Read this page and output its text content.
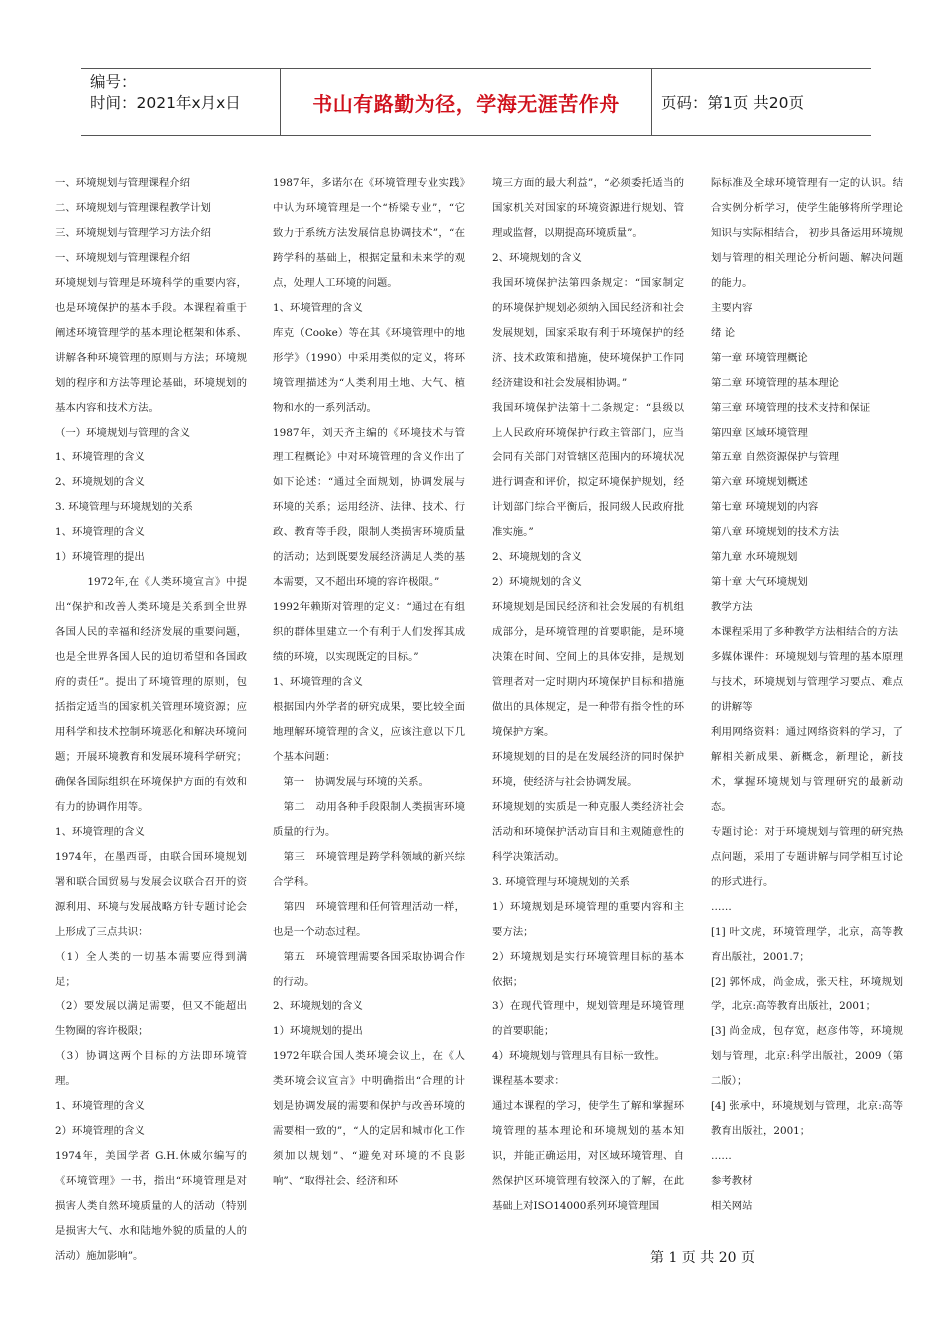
编号：
时间：2021年x月x日	书山有路勤为径，学海无涯苦作舟	页码：第1页 共20页

一、环境规划与管理课程介绍

二、环境规划与管理课程教学计划

三、环境规划与管理学习方法介绍

一、环境规划与管理课程介绍

环境规划与管理是环境科学的重要内容，也是环境保护的基本手段。本课程着重于阐述环境管理学的基本理论框架和体系、讲解各种环境管理的原则与方法；环境规划的程序和方法等理论基础，环境规划的基本内容和技术方法。

（一）环境规划与管理的含义

1、环境管理的含义

2、环境规划的含义

3. 环境管理与环境规划的关系

1、环境管理的含义

1）环境管理的提出

　　　1972年,在《人类环境宣言》中提出“保护和改善人类环境是关系到全世界各国人民的幸福和经济发展的重要问题，也是全世界各国人民的迫切希望和各国政府的责任”。提出了环境管理的原则，包括指定适当的国家机关管理环境资源；应用科学和技术控制环境恶化和解决环境问题；开展环境教育和发展环境科学研究；确保各国际组织在环境保护方面的有效和有力的协调作用等。

1、环境管理的含义

1974年，在墨西哥，由联合国环境规划署和联合国贸易与发展会议联合召开的资源利用、环境与发展战略方针专题讨论会上形成了三点共识：

（1）全人类的一切基本需要应得到满足；

（2）要发展以满足需要，但又不能超出生物圈的容许极限；

（3）协调这两个目标的方法即环境管理。

1、环境管理的含义

2）环境管理的含义

1974年，美国学者 G.H.休威尔编写的《环境管理》一书，指出“环境管理是对损害人类自然环境质量的人的活动（特别是损害大气、水和陆地外貌的质量的人的活动）施加影响”。

1987年，多诺尔在《环境管理专业实践》中认为环境管理是一个“桥梁专业”，“它致力于系统方法发展信息协调技术”，“在跨学科的基础上，根据定量和未来学的观点，处理人工环境的问题。

1、环境管理的含义

库克（Cooke）等在其《环境管理中的地形学》（1990）中采用类似的定义，将环境管理描述为“人类利用土地、大气、植物和水的一系列活动。

1987年，刘天齐主编的《环境技术与管理工程概论》中对环境管理的含义作出了如下论述：“通过全面规划，协调发展与环境的关系；运用经济、法律、技术、行政、教育等手段，限制人类损害环境质量的活动；达到既要发展经济满足人类的基本需要，又不超出环境的容许极限。”

1992年赖斯对管理的定义：“通过在有组织的群体里建立一个有利于人们发挥其成绩的环境，以实现既定的目标。”

1、环境管理的含义

根据国内外学者的研究成果，要比较全面地理解环境管理的含义，应该注意以下几个基本问题：

　第一　协调发展与环境的关系。

　第二　动用各种手段限制人类损害环境质量的行为。

　第三　环境管理是跨学科领域的新兴综合学科。

　第四　环境管理和任何管理活动一样，也是一个动态过程。

　第五　环境管理需要各国采取协调合作的行动。

2、环境规划的含义

1）环境规划的提出

1972年联合国人类环境会议上，在《人类环境会议宣言》中明确指出“合理的计划是协调发展的需要和保护与改善环境的需要相一致的”，“人的定居和城市化工作须加以规划”、“避免对环境的不良影响”、“取得社会、经济和环

境三方面的最大利益”，“必须委托适当的国家机关对国家的环境资源进行规划、管理或监督，以期提高环境质量”。

2、环境规划的含义

我国环境保护法第四条规定：“国家制定的环境保护规划必须纳入国民经济和社会发展规划，国家采取有利于环境保护的经济、技术政策和措施，使环境保护工作同经济建设和社会发展相协调。”

我国环境保护法第十二条规定：“县级以上人民政府环境保护行政主管部门，应当会同有关部门对管辖区范围内的环境状况进行调查和评价，拟定环境保护规划，经计划部门综合平衡后，报同级人民政府批准实施。”

2、环境规划的含义

2）环境规划的含义

环境规划是国民经济和社会发展的有机组成部分，是环境管理的首要职能，是环境决策在时间、空间上的具体安排，是规划管理者对一定时期内环境保护目标和措施做出的具体规定，是一种带有指令性的环境保护方案。

环境规划的目的是在发展经济的同时保护环境，使经济与社会协调发展。

环境规划的实质是一种克服人类经济社会活动和环境保护活动盲目和主观随意性的科学决策活动。

3. 环境管理与环境规划的关系

1）环境规划是环境管理的重要内容和主要方法；

2）环境规划是实行环境管理目标的基本依据；

3）在现代管理中，规划管理是环境管理的首要职能；

4）环境规划与管理具有目标一致性。

课程基本要求：

通过本课程的学习，使学生了解和掌握环境管理的基本理论和环境规划的基本知识，并能正确运用，对区域环境管理、自然保护区环境管理有较深入的了解，在此基础上对ISO14000系列环境管理国

际标准及全球环境管理有一定的认识。结合实例分析学习，使学生能够将所学理论知识与实际相结合， 初步具备运用环境规划与管理的相关理论分析问题、解决问题的能力。

主要内容

绪 论

第一章 环境管理概论

第二章 环境管理的基本理论

第三章 环境管理的技术支持和保证

第四章 区域环境管理

第五章 自然资源保护与管理

第六章 环境规划概述

第七章 环境规划的内容

第八章 环境规划的技术方法

第九章 水环境规划

第十章 大气环境规划

教学方法

本课程采用了多种教学方法相结合的方法

多媒体课件：环境规划与管理的基本原理与技术，环境规划与管理学习要点、难点的讲解等

利用网络资料：通过网络资料的学习，了解相关新成果、新概念，新理论，新技术，掌握环境规划与管理研究的最新动态。

专题讨论：对于环境规划与管理的研究热点问题，采用了专题讲解与同学相互讨论的形式进行。

……

[1] 叶文虎，环境管理学，北京，高等教育出版社，2001.7；

[2] 郭怀成，尚金成，张天柱，环境规划学，北京:高等教育出版社，2001；

[3] 尚金成，包存宽，赵彦伟等，环境规划与管理，北京:科学出版社，2009（第二版）；

[4] 张承中，环境规划与管理，北京:高等教育出版社，2001；

……

参考教材

相关网站

第 1 页 共 20 页
